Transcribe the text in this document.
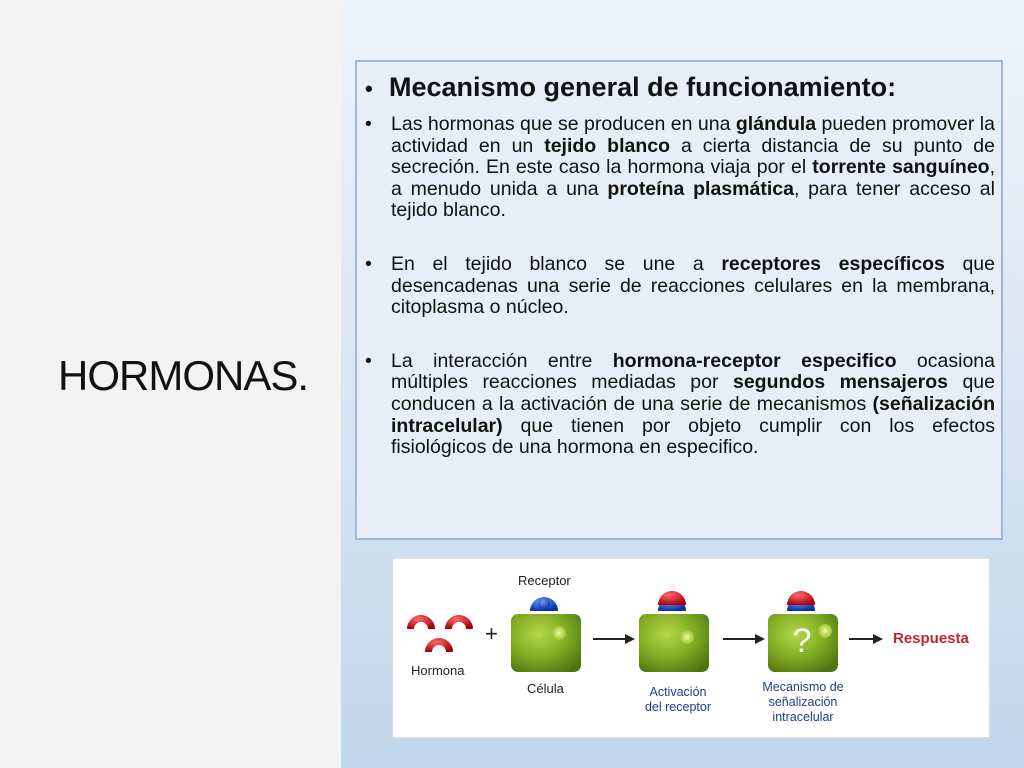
HORMONAS.
• Mecanismo general de funcionamiento:
• Las hormonas que se producen en una glándula pueden promover la actividad en un tejido blanco a cierta distancia de su punto de secreción. En este caso la hormona viaja por el torrente sanguíneo, a menudo unida a una proteína plasmática, para tener acceso al tejido blanco.
• En el tejido blanco se une a receptores específicos que desencadenas una serie de reacciones celulares en la membrana, citoplasma o núcleo.
• La interacción entre hormona-receptor especifico ocasiona múltiples reacciones mediadas por segundos mensajeros que conducen a la activación de una serie de mecanismos (señalización intracelular) que tienen por objeto cumplir con los efectos fisiológicos de una hormona en especifico.
Receptor
Hormona
+
Célula	Activación
del receptor
Mecanismo de
señalización
intracelular
?	Respuesta
